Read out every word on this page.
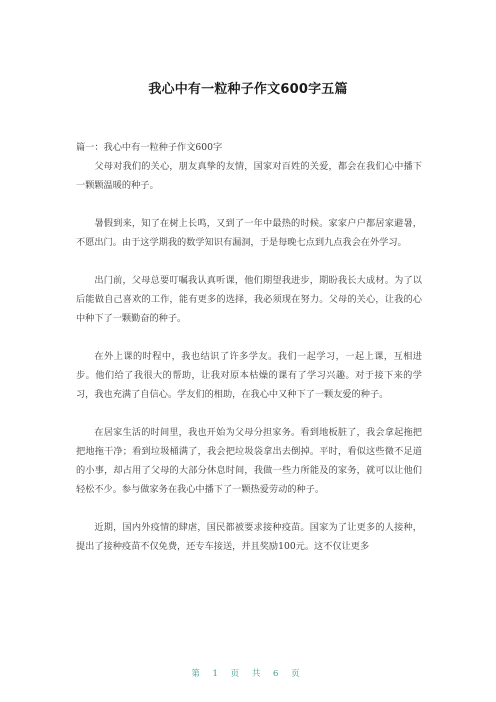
我心中有一粒种子作文600字五篇

篇一：我心中有一粒种子作文600字

父母对我们的关心，朋友真挚的友情，国家对百姓的关爱，都会在我们心中播下一颗颗温暖的种子。

暑假到来，知了在树上长鸣，又到了一年中最热的时候。家家户户都居家避暑，不愿出门。由于这学期我的数学知识有漏洞，于是每晚七点到九点我会在外学习。

出门前，父母总要叮嘱我认真听课，他们期望我进步，期盼我长大成材。为了以后能做自己喜欢的工作，能有更多的选择，我必须现在努力。父母的关心，让我的心中种下了一颗勤奋的种子。

在外上课的时程中，我也结识了许多学友。我们一起学习，一起上课，互相进步。他们给了我很大的帮助，让我对原本枯燥的课有了学习兴趣。对于接下来的学习，我也充满了自信心。学友们的相助，在我心中又种下了一颗友爱的种子。

在居家生活的时间里，我也开始为父母分担家务。看到地板脏了，我会拿起拖把把地拖干净；看到垃圾桶满了，我会把垃圾袋拿出去倒掉。平时，看似这些微不足道的小事，却占用了父母的大部分休息时间，我做一些力所能及的家务，就可以让他们轻松不少。参与做家务在我心中播下了一颗热爱劳动的种子。

近期，国内外疫情的肆虐，国民都被要求接种疫苗。国家为了让更多的人接种，提出了接种疫苗不仅免费，还专车接送，并且奖励100元。这不仅让更多

第 1 页 共 6 页
